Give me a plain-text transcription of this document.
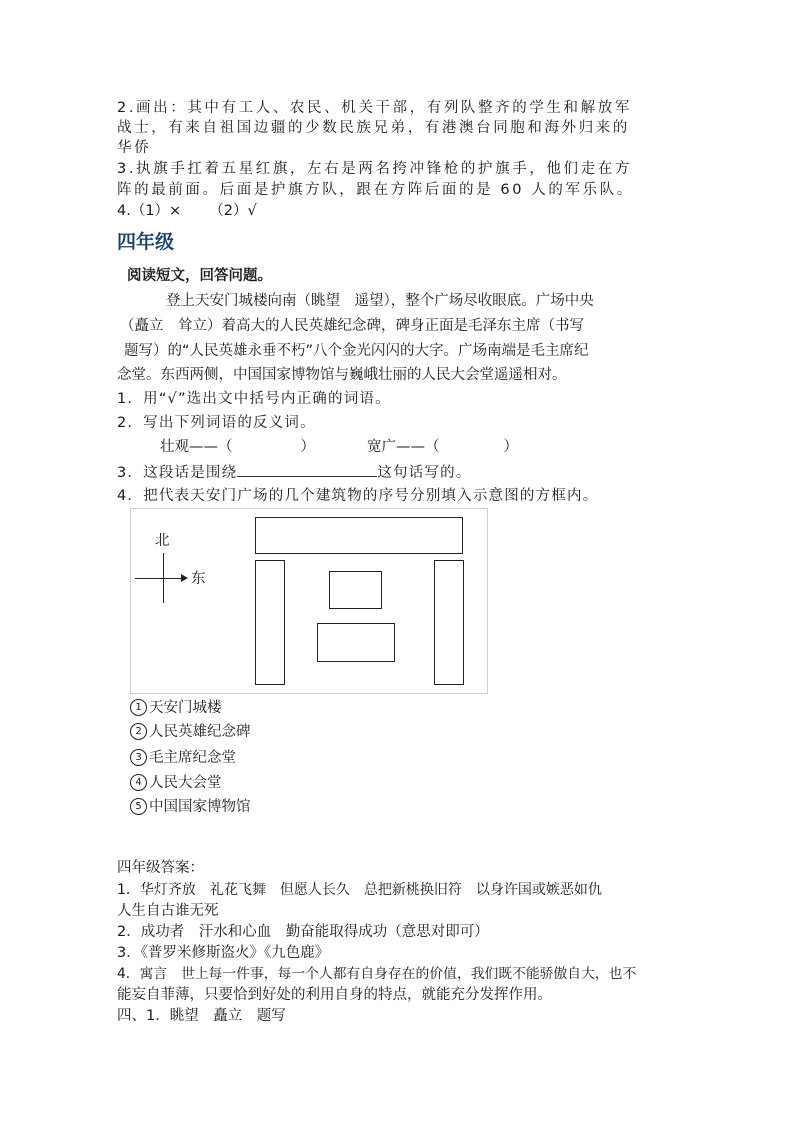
2.画出：其中有工人、农民、机关干部，有列队整齐的学生和解放军
战士，有来自祖国边疆的少数民族兄弟，有港澳台同胞和海外归来的
华侨
3.执旗手扛着五星红旗，左右是两名挎冲锋枪的护旗手，他们走在方
阵的最前面。后面是护旗方队，跟在方阵后面的是 60 人的军乐队。
4.（1）× （2）√
四年级
阅读短文，回答问题。
登上天安门城楼向南（眺望　遥望），整个广场尽收眼底。广场中央
（矗立　耸立）着高大的人民英雄纪念碑，碑身正面是毛泽东主席（书写
题写）的“人民英雄永垂不朽”八个金光闪闪的大字。广场南端是毛主席纪
念堂。东西两侧，中国国家博物馆与巍峨壮丽的人民大会堂遥遥相对。
1．用“√”选出文中括号内正确的词语。
2．写出下列词语的反义词。
壮观——（	）	宽广——（	）
3．这段话是围绕	这句话写的。
4．把代表天安门广场的几个建筑物的序号分别填入示意图的方框内。
北
东
1 天安门城楼
2 人民英雄纪念碑
3 毛主席纪念堂
4 人民大会堂
5 中国国家博物馆
四年级答案：
1．华灯齐放　礼花飞舞　但愿人长久　总把新桃换旧符　以身许国或嫉恶如仇
人生自古谁无死
2．成功者　汗水和心血　勤奋能取得成功（意思对即可）
3．《普罗米修斯盗火》《九色鹿》
4．寓言　世上每一件事，每一个人都有自身存在的价值，我们既不能骄傲自大，也不
能妄自菲薄，只要恰到好处的利用自身的特点，就能充分发挥作用。
四、1．眺望　矗立　题写
